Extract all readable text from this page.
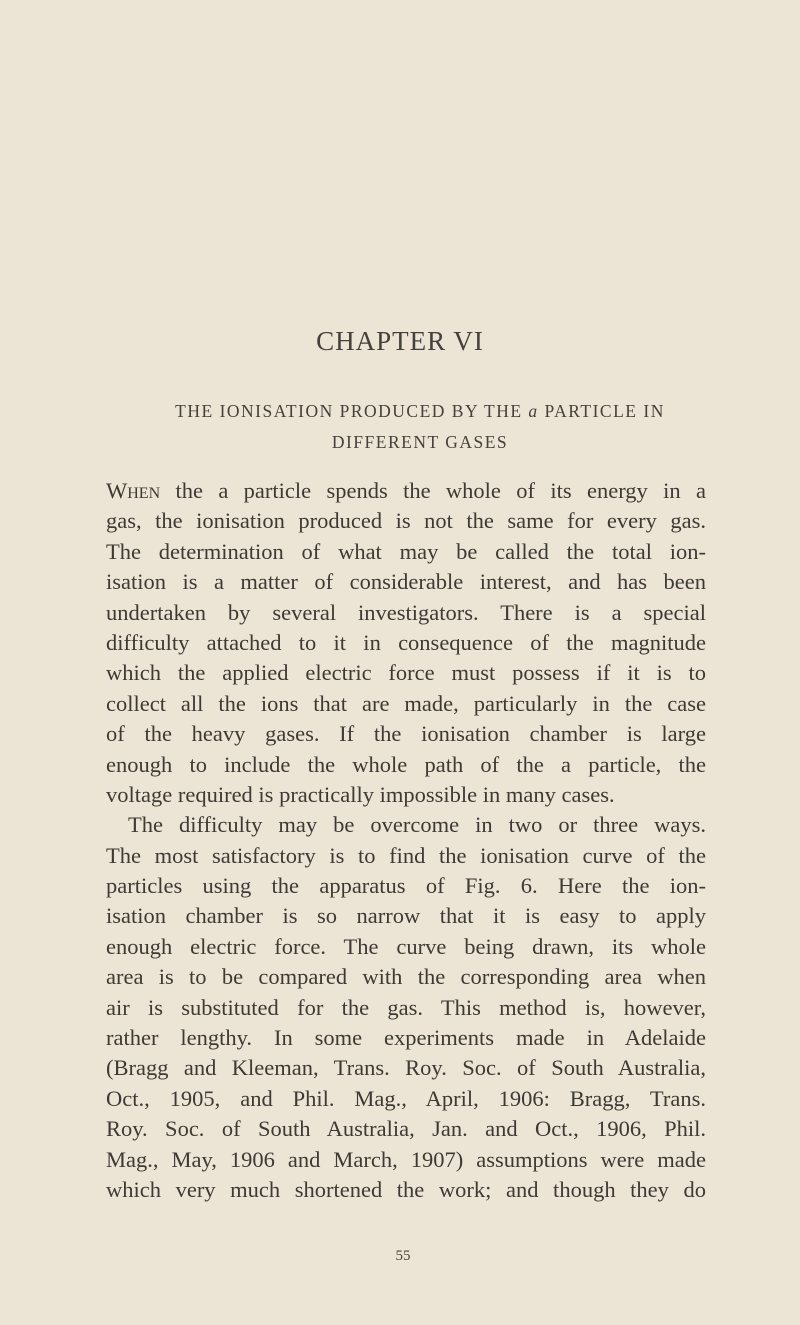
CHAPTER VI
THE IONISATION PRODUCED BY THE a PARTICLE IN
DIFFERENT GASES
When the a particle spends the whole of its energy in a
gas, the ionisation produced is not the same for every gas.
The determination of what may be called the total ion-
isation is a matter of considerable interest, and has been
undertaken by several investigators. There is a special
difficulty attached to it in consequence of the magnitude
which the applied electric force must possess if it is to
collect all the ions that are made, particularly in the case
of the heavy gases. If the ionisation chamber is large
enough to include the whole path of the a particle, the
voltage required is practically impossible in many cases.
The difficulty may be overcome in two or three ways.
The most satisfactory is to find the ionisation curve of the
particles using the apparatus of Fig. 6. Here the ion-
isation chamber is so narrow that it is easy to apply
enough electric force. The curve being drawn, its whole
area is to be compared with the corresponding area when
air is substituted for the gas. This method is, however,
rather lengthy. In some experiments made in Adelaide
(Bragg and Kleeman, Trans. Roy. Soc. of South Australia,
Oct., 1905, and Phil. Mag., April, 1906: Bragg, Trans.
Roy. Soc. of South Australia, Jan. and Oct., 1906, Phil.
Mag., May, 1906 and March, 1907) assumptions were made
which very much shortened the work; and though they do
55
